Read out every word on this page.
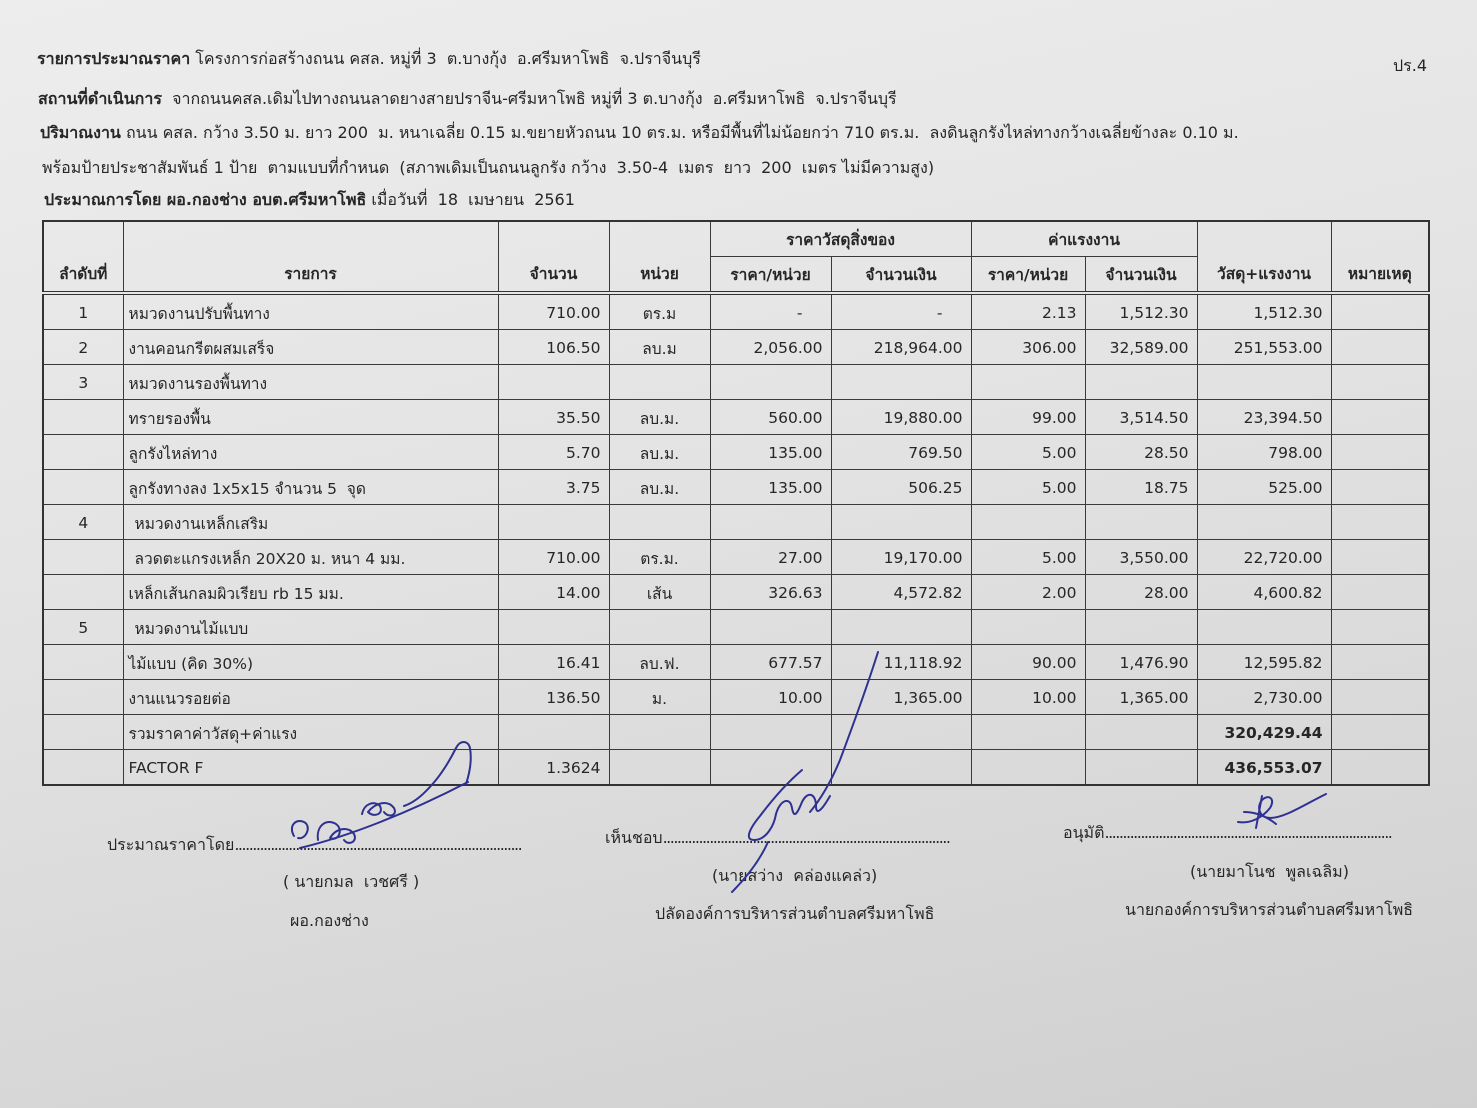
รายการประมาณราคา โครงการก่อสร้างถนน คสล. หมู่ที่ 3  ต.บางกุ้ง  อ.ศรีมหาโพธิ  จ.ปราจีนบุรี	ปร.4
สถานที่ดำเนินการ  จากถนนคสล.เดิมไปทางถนนลาดยางสายปราจีน-ศรีมหาโพธิ หมู่ที่ 3 ต.บางกุ้ง  อ.ศรีมหาโพธิ  จ.ปราจีนบุรี
ปริมาณงาน ถนน คสล. กว้าง 3.50 ม. ยาว 200  ม. หนาเฉลี่ย 0.15 ม.ขยายหัวถนน 10 ตร.ม. หรือมีพื้นที่ไม่น้อยกว่า 710 ตร.ม.  ลงดินลูกรังไหล่ทางกว้างเฉลี่ยข้างละ 0.10 ม.
พร้อมป้ายประชาสัมพันธ์ 1 ป้าย  ตามแบบที่กำหนด  (สภาพเดิมเป็นถนนลูกรัง กว้าง  3.50-4  เมตร  ยาว  200  เมตร ไม่มีความสูง)
ประมาณการโดย ผอ.กองช่าง อบต.ศรีมหาโพธิ เมื่อวันที่  18  เมษายน  2561
ลำดับที่	รายการ	จำนวน	หน่วย	ราคาวัสดุสิ่งของ		ค่าแรงงาน		วัสดุ+แรงงาน	หมายเหตุ
				ราคา/หน่วย	จำนวนเงิน	ราคา/หน่วย	จำนวนเงิน		
1	หมวดงานปรับพื้นทาง	710.00	ตร.ม	-	-	2.13	1,512.30	1,512.30	
2	งานคอนกรีตผสมเสร็จ	106.50	ลบ.ม	2,056.00	218,964.00	306.00	32,589.00	251,553.00	
3	หมวดงานรองพื้นทาง								
	ทรายรองพื้น	35.50	ลบ.ม.	560.00	19,880.00	99.00	3,514.50	23,394.50	
	ลูกรังไหล่ทาง	5.70	ลบ.ม.	135.00	769.50	5.00	28.50	798.00	
	ลูกรังทางลง 1x5x15 จำนวน 5  จุด	3.75	ลบ.ม.	135.00	506.25	5.00	18.75	525.00	
4	หมวดงานเหล็กเสริม								
	ลวดตะแกรงเหล็ก 20X20 ม. หนา 4 มม.	710.00	ตร.ม.	27.00	19,170.00	5.00	3,550.00	22,720.00	
	เหล็กเส้นกลมผิวเรียบ rb 15 มม.	14.00	เส้น	326.63	4,572.82	2.00	28.00	4,600.82	
5	หมวดงานไม้แบบ								
	ไม้แบบ (คิด 30%)	16.41	ลบ.ฟ.	677.57	11,118.92	90.00	1,476.90	12,595.82	
	งานแนวรอยต่อ	136.50	ม.	10.00	1,365.00	10.00	1,365.00	2,730.00	
	รวมราคาค่าวัสดุ+ค่าแรง							320,429.44	
	FACTOR F	1.3624						436,553.07	
ประมาณราคาโดย................................................................................
( นายกมล  เวชศรี )
ผอ.กองช่าง
เห็นชอบ................................................................................
(นายสว่าง  คล่องแคล่ว)
ปลัดองค์การบริหารส่วนตำบลศรีมหาโพธิ
อนุมัติ................................................................................
(นายมาโนช  พูลเฉลิม)
นายกองค์การบริหารส่วนตำบลศรีมหาโพธิ
